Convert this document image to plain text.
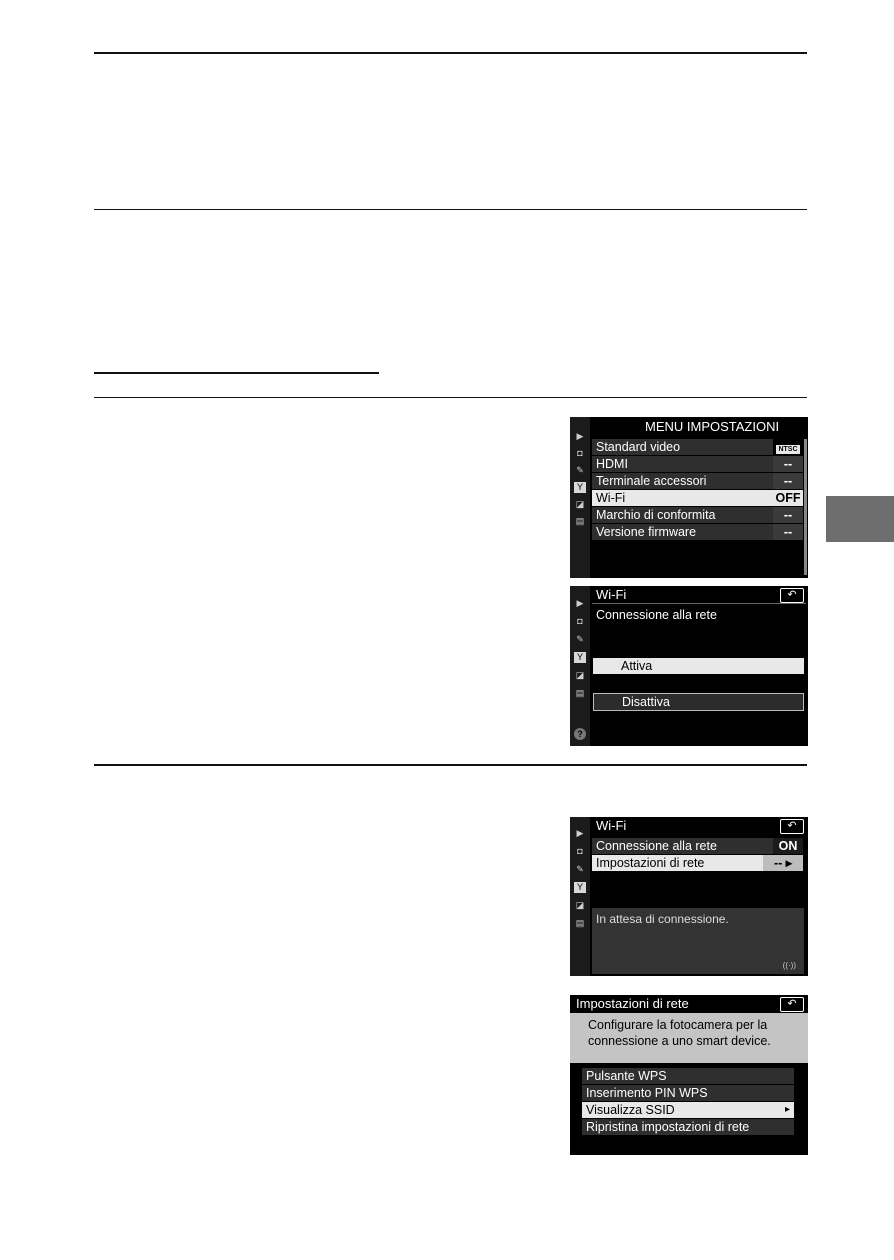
▶
◘
✎
Y
◪
▤
MENU IMPOSTAZIONI
Standard video	NTSC
HDMI	--
Terminale accessori	--
Wi-Fi	OFF
Marchio di conformita	--
Versione firmware	--
▶
◘
✎
Y
◪
▤
?
Wi-Fi	↶
Connessione alla rete
Attiva
Disattiva
▶
◘
✎
Y
◪
▤
Wi-Fi	↶
Connessione alla rete	ON
Impostazioni di rete	-- ▸
In attesa di connessione.
((·))
Impostazioni di rete	↶
Configurare la fotocamera per la
connessione a uno smart device.
Pulsante WPS
Inserimento PIN WPS
Visualizza SSID	▸
Ripristina impostazioni di rete
